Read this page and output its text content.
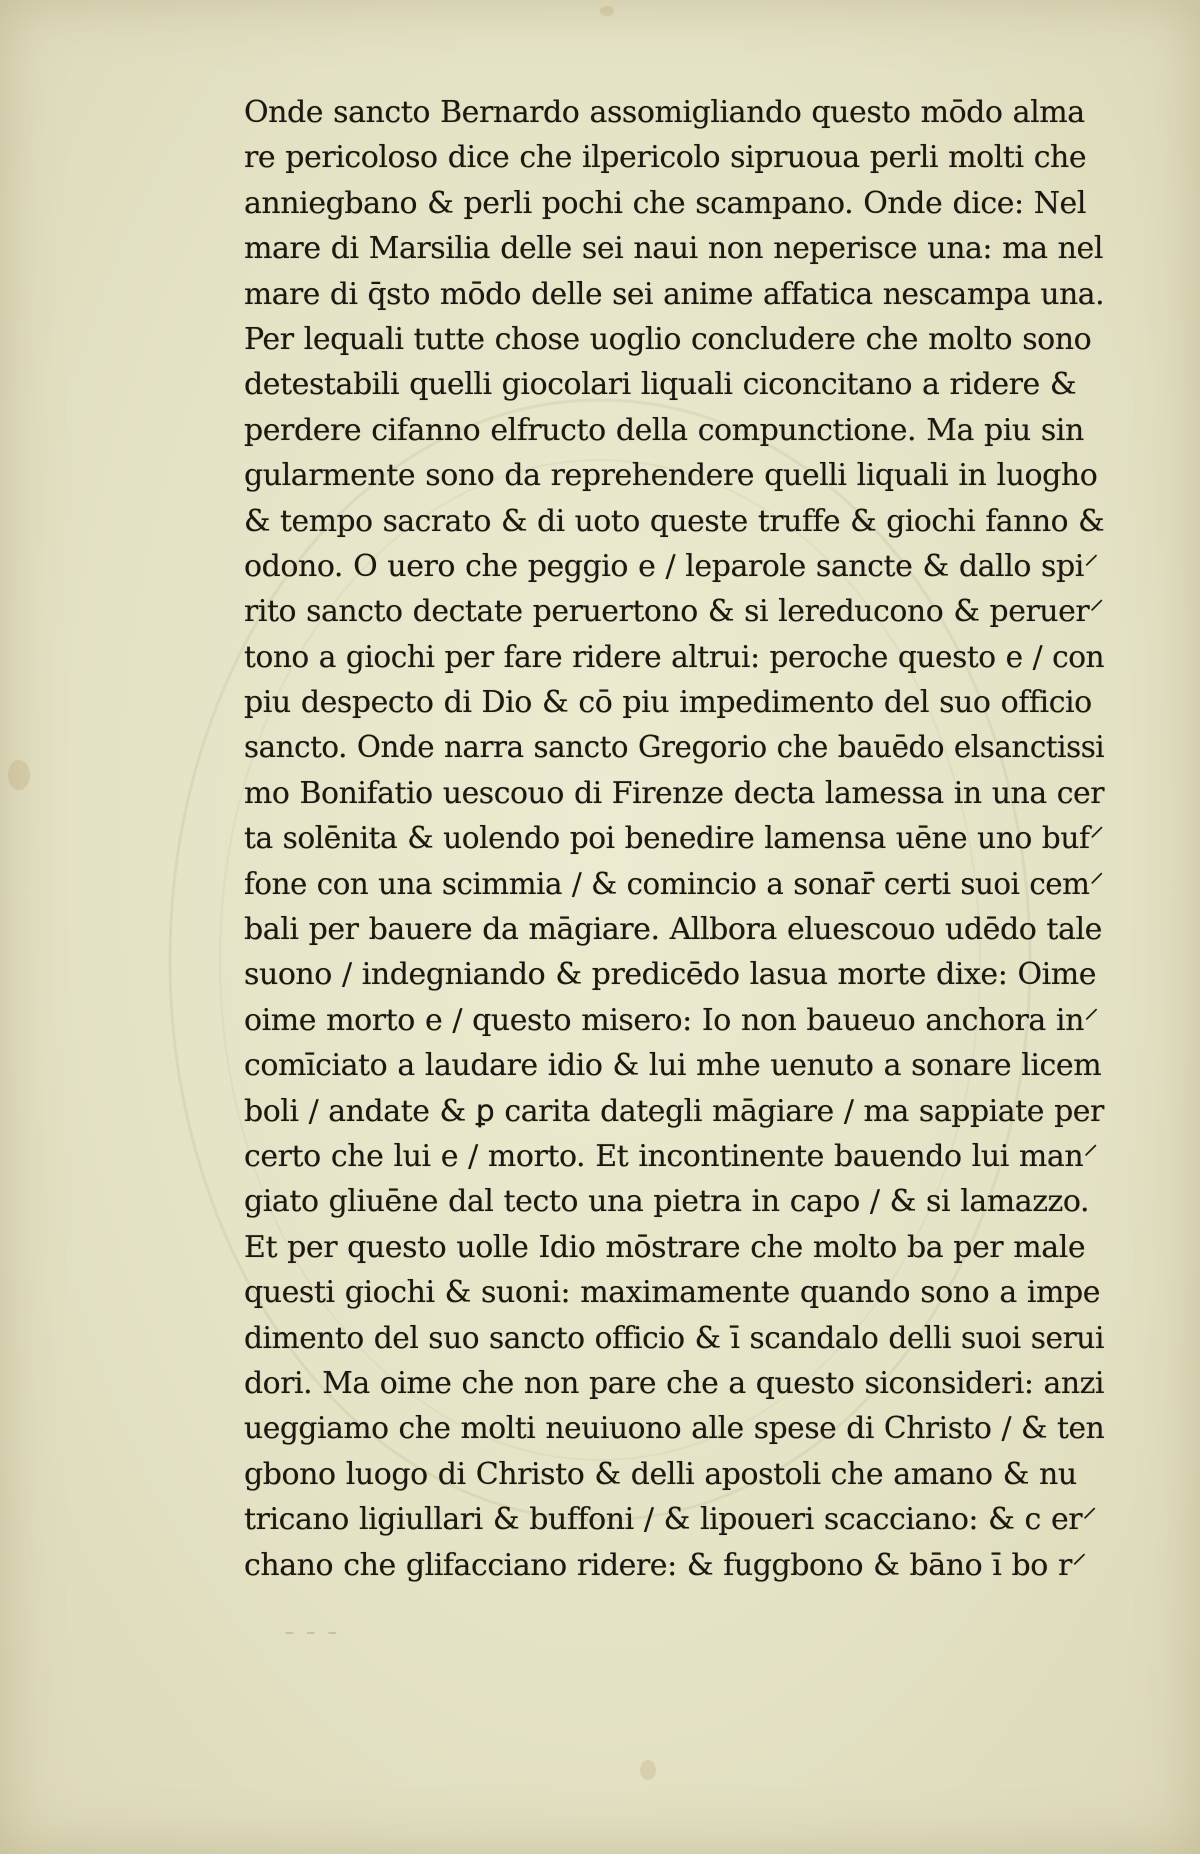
Onde sancto Bernardo assomigliando questo mōdo alma
re pericoloso dice che ilpericolo sipruoua perli molti che
anniegbano & perli pochi che scampano. Onde dice: Nel
mare di Marsilia delle sei naui non neperisce una: ma nel
mare di q̄sto mōdo delle sei anime affatica nescampa una.
Per lequali tutte chose uoglio concludere che molto sono
detestabili quelli giocolari liquali ciconcitano a ridere &
perdere cifanno elfructo della compunctione. Ma piu sin
gularmente sono da reprehendere quelli liquali in luogho
& tempo sacrato & di uoto queste truffe & giochi fanno &
odono. O uero che peggio e / leparole sancte & dallo spi⸍
rito sancto dectate peruertono & si lereducono & peruer⸍
tono a giochi per fare ridere altrui: peroche questo e / con
piu despecto di Dio & cō piu impedimento del suo officio
sancto. Onde narra sancto Gregorio che bauēdo elsanctissi
mo Bonifatio uescouo di Firenze decta lamessa in una cer
ta solēnita & uolendo poi benedire lamensa uēne uno buf⸍
fone con una scimmia / & comincio a sonar̄ certi suoi cem⸍
bali per bauere da māgiare. Allbora eluescouo udēdo tale
suono / indegniando & predicēdo lasua morte dixe: Oime
oime morto e / questo misero: Io non baueuo anchora in⸍
comīciato a laudare idio & lui mhe uenuto a sonare licem
boli / andate & ꝑ carita dategli māgiare / ma sappiate per
certo che lui e / morto. Et incontinente bauendo lui man⸍
giato gliuēne dal tecto una pietra in capo / & si lamazzo.
Et per questo uolle Idio mōstrare che molto ba per male
questi giochi & suoni: maximamente quando sono a impe
dimento del suo sancto officio & ī scandalo delli suoi serui
dori. Ma oime che non pare che a questo siconsideri: anzi
ueggiamo che molti neuiuono alle spese di Christo / & ten
gbono luogo di Christo & delli apostoli che amano & nu
tricano ligiullari & buffoni / & lipoueri scacciano: & c er⸍
chano che glifacciano ridere: & fuggbono & bāno ī bo r⸍
‒ ‒ ‒
